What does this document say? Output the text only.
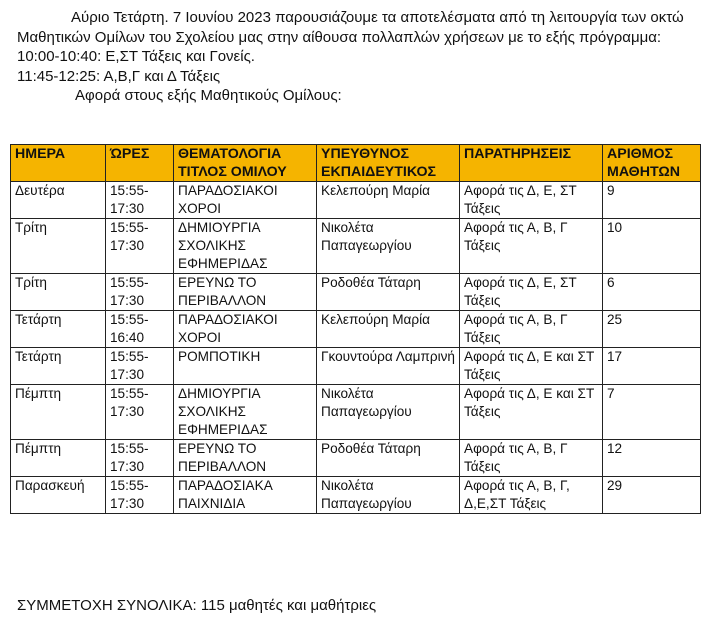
Αύριο Τετάρτη. 7 Ιουνίου 2023 παρουσιάζουμε τα αποτελέσματα από τη λειτουργία των οκτώ Μαθητικών Ομίλων του Σχολείου μας στην αίθουσα πολλαπλών χρήσεων με το εξής πρόγραμμα:

10:00-10:40: Ε,ΣΤ Τάξεις και Γονείς.

11:45-12:25: Α,Β,Γ και Δ Τάξεις

Αφορά στους εξής Μαθητικούς Ομίλους:

ΗΜΕΡΑ	ΏΡΕΣ	ΘΕΜΑΤΟΛΟΓΙΑ ΤΙΤΛΟΣ ΟΜΙΛΟΥ	ΥΠΕΥΘΥΝΟΣ ΕΚΠΑΙΔΕΥΤΙΚΟΣ	ΠΑΡΑΤΗΡΗΣΕΙΣ	ΑΡΙΘΜΟΣ ΜΑΘΗΤΩΝ
Δευτέρα	15:55-17:30	ΠΑΡΑΔΟΣΙΑΚΟΙ ΧΟΡΟΙ	Κελεπούρη Μαρία	Αφορά τις Δ, Ε, ΣΤ Τάξεις	9
Τρίτη	15:55-17:30	ΔΗΜΙΟΥΡΓΙΑ ΣΧΟΛΙΚΗΣ ΕΦΗΜΕΡΙΔΑΣ	Νικολέτα Παπαγεωργίου	Αφορά τις Α, Β, Γ Τάξεις	10
Τρίτη	15:55-17:30	ΕΡΕΥΝΩ ΤΟ ΠΕΡΙΒΑΛΛΟΝ	Ροδοθέα Τάταρη	Αφορά τις Δ, Ε, ΣΤ Τάξεις	6
Τετάρτη	15:55-16:40	ΠΑΡΑΔΟΣΙΑΚΟΙ ΧΟΡΟΙ	Κελεπούρη Μαρία	Αφορά τις Α, Β, Γ Τάξεις	25
Τετάρτη	15:55-17:30	ΡΟΜΠΟΤΙΚΗ	Γκουντούρα Λαμπρινή	Αφορά τις Δ, Ε και ΣΤ Τάξεις	17
Πέμπτη	15:55-17:30	ΔΗΜΙΟΥΡΓΙΑ ΣΧΟΛΙΚΗΣ ΕΦΗΜΕΡΙΔΑΣ	Νικολέτα Παπαγεωργίου	Αφορά τις Δ, Ε και ΣΤ Τάξεις	7
Πέμπτη	15:55-17:30	ΕΡΕΥΝΩ ΤΟ ΠΕΡΙΒΑΛΛΟΝ	Ροδοθέα Τάταρη	Αφορά τις Α, Β, Γ Τάξεις	12
Παρασκευή	15:55-17:30	ΠΑΡΑΔΟΣΙΑΚΑ ΠΑΙΧΝΙΔΙΑ	Νικολέτα Παπαγεωργίου	Αφορά τις Α, Β, Γ, Δ,Ε,ΣΤ Τάξεις	29
ΣΥΜΜΕΤΟΧΗ ΣΥΝΟΛΙΚΑ: 115 μαθητές και μαθήτριες
